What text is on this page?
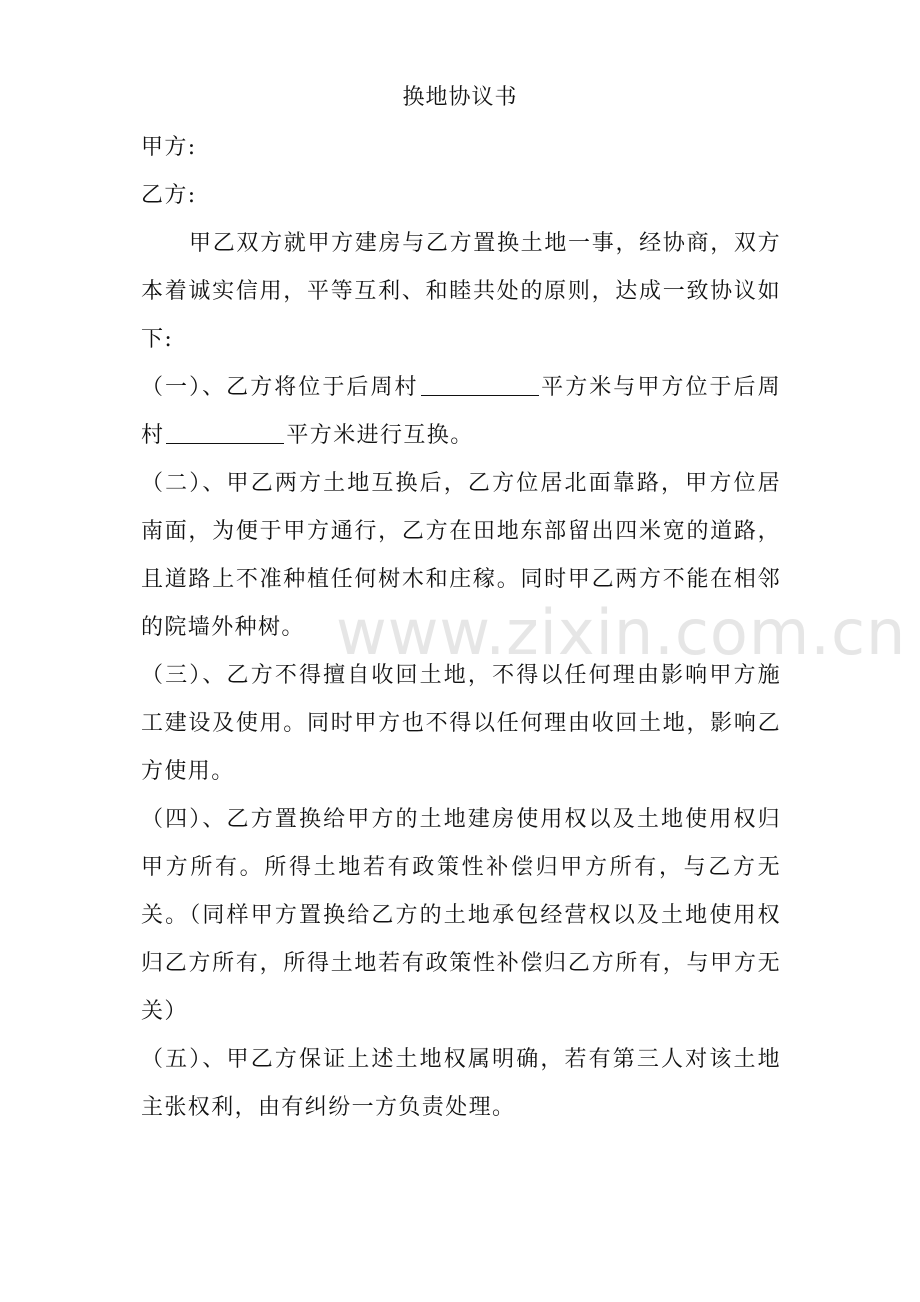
换地协议书

甲方:

乙方:

甲乙双方就甲方建房与乙方置换土地一事，经协商，双方本着诚实信用，平等互利、和睦共处的原则，达成一致协议如下:

（一）、乙方将位于后周村	平方米与甲方位于后周村	平方米进行互换。

（二）、甲乙两方土地互换后，乙方位居北面靠路，甲方位居南面，为便于甲方通行，乙方在田地东部留出四米宽的道路，且道路上不准种植任何树木和庄稼。同时甲乙两方不能在相邻的院墙外种树。

（三）、乙方不得擅自收回土地，不得以任何理由影响甲方施工建设及使用。同时甲方也不得以任何理由收回土地，影响乙方使用。

（四）、乙方置换给甲方的土地建房使用权以及土地使用权归甲方所有。所得土地若有政策性补偿归甲方所有，与乙方无关。（同样甲方置换给乙方的土地承包经营权以及土地使用权归乙方所有，所得土地若有政策性补偿归乙方所有，与甲方无关）

（五）、甲乙方保证上述土地权属明确，若有第三人对该土地主张权利，由有纠纷一方负责处理。

www.zixin.com.cn
